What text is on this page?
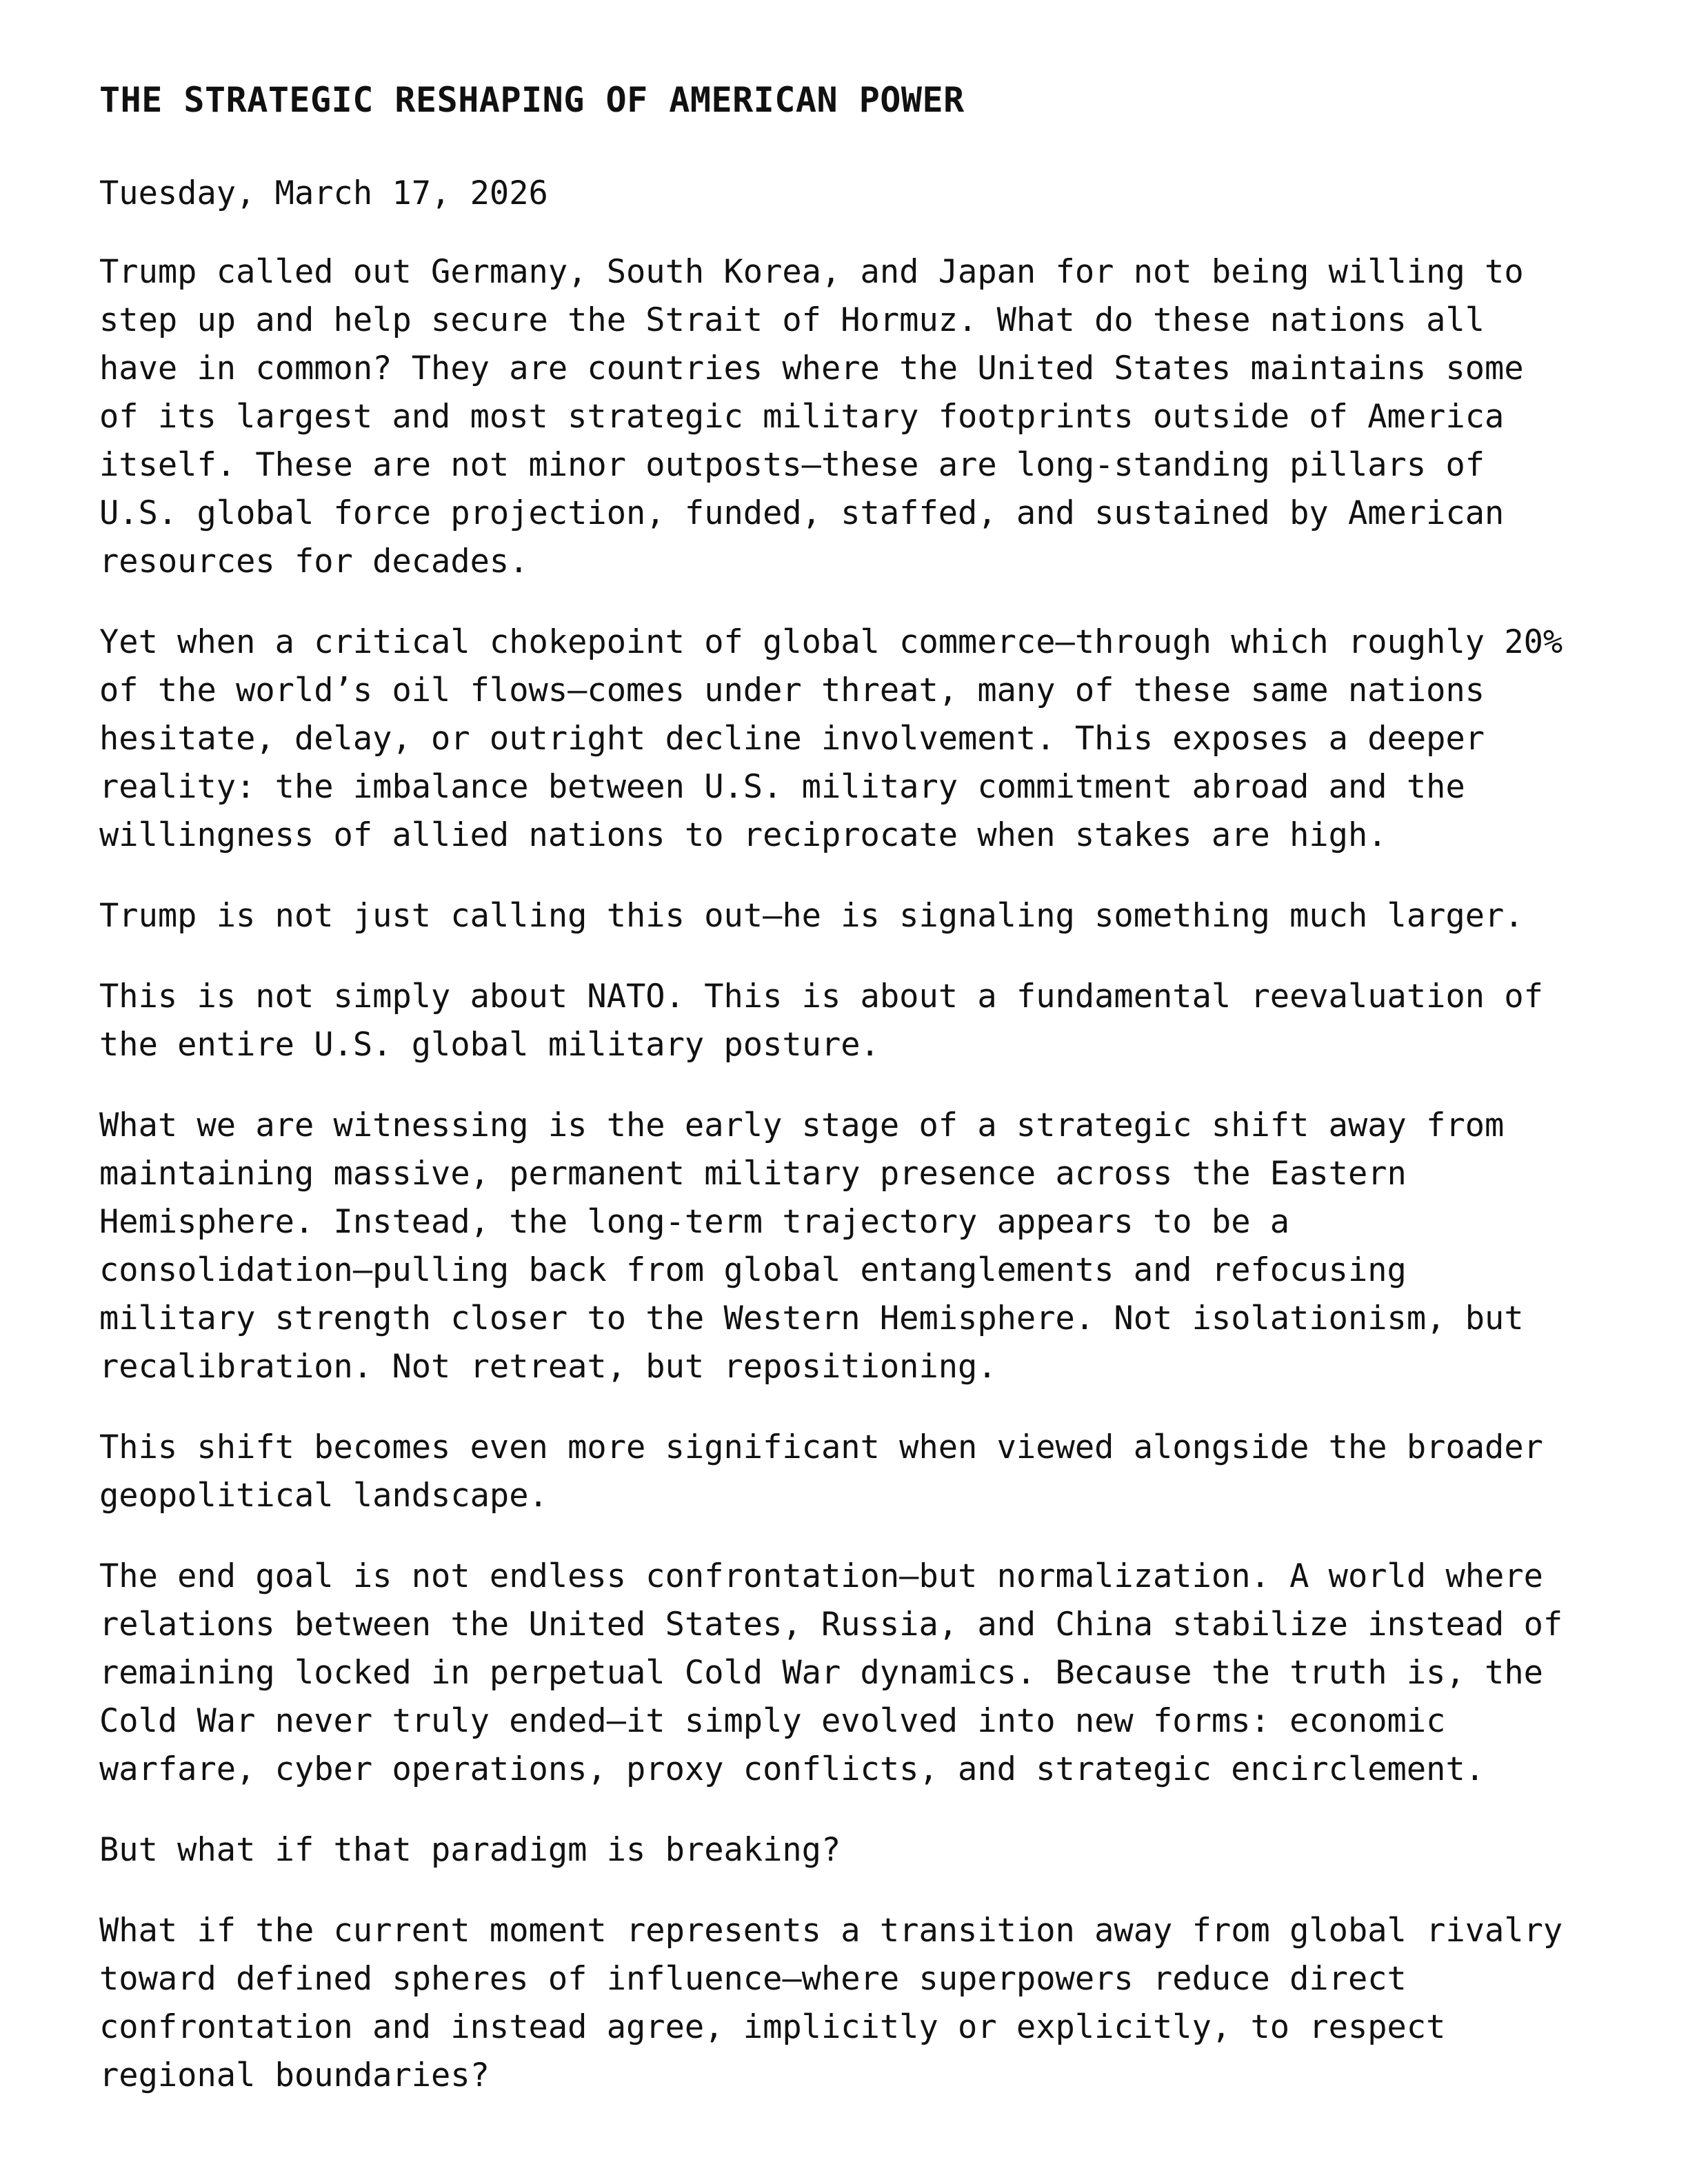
THE STRATEGIC RESHAPING OF AMERICAN POWER
Tuesday, March 17, 2026

Trump called out Germany, South Korea, and Japan for not being willing to
step up and help secure the Strait of Hormuz. What do these nations all
have in common? They are countries where the United States maintains some
of its largest and most strategic military footprints outside of America
itself. These are not minor outposts—these are long-standing pillars of
U.S. global force projection, funded, staffed, and sustained by American
resources for decades.

Yet when a critical chokepoint of global commerce—through which roughly 20%
of the world’s oil flows—comes under threat, many of these same nations
hesitate, delay, or outright decline involvement. This exposes a deeper
reality: the imbalance between U.S. military commitment abroad and the
willingness of allied nations to reciprocate when stakes are high.

Trump is not just calling this out—he is signaling something much larger.

This is not simply about NATO. This is about a fundamental reevaluation of
the entire U.S. global military posture.

What we are witnessing is the early stage of a strategic shift away from
maintaining massive, permanent military presence across the Eastern
Hemisphere. Instead, the long-term trajectory appears to be a
consolidation—pulling back from global entanglements and refocusing
military strength closer to the Western Hemisphere. Not isolationism, but
recalibration. Not retreat, but repositioning.

This shift becomes even more significant when viewed alongside the broader
geopolitical landscape.

The end goal is not endless confrontation—but normalization. A world where
relations between the United States, Russia, and China stabilize instead of
remaining locked in perpetual Cold War dynamics. Because the truth is, the
Cold War never truly ended—it simply evolved into new forms: economic
warfare, cyber operations, proxy conflicts, and strategic encirclement.

But what if that paradigm is breaking?

What if the current moment represents a transition away from global rivalry
toward defined spheres of influence—where superpowers reduce direct
confrontation and instead agree, implicitly or explicitly, to respect
regional boundaries?
